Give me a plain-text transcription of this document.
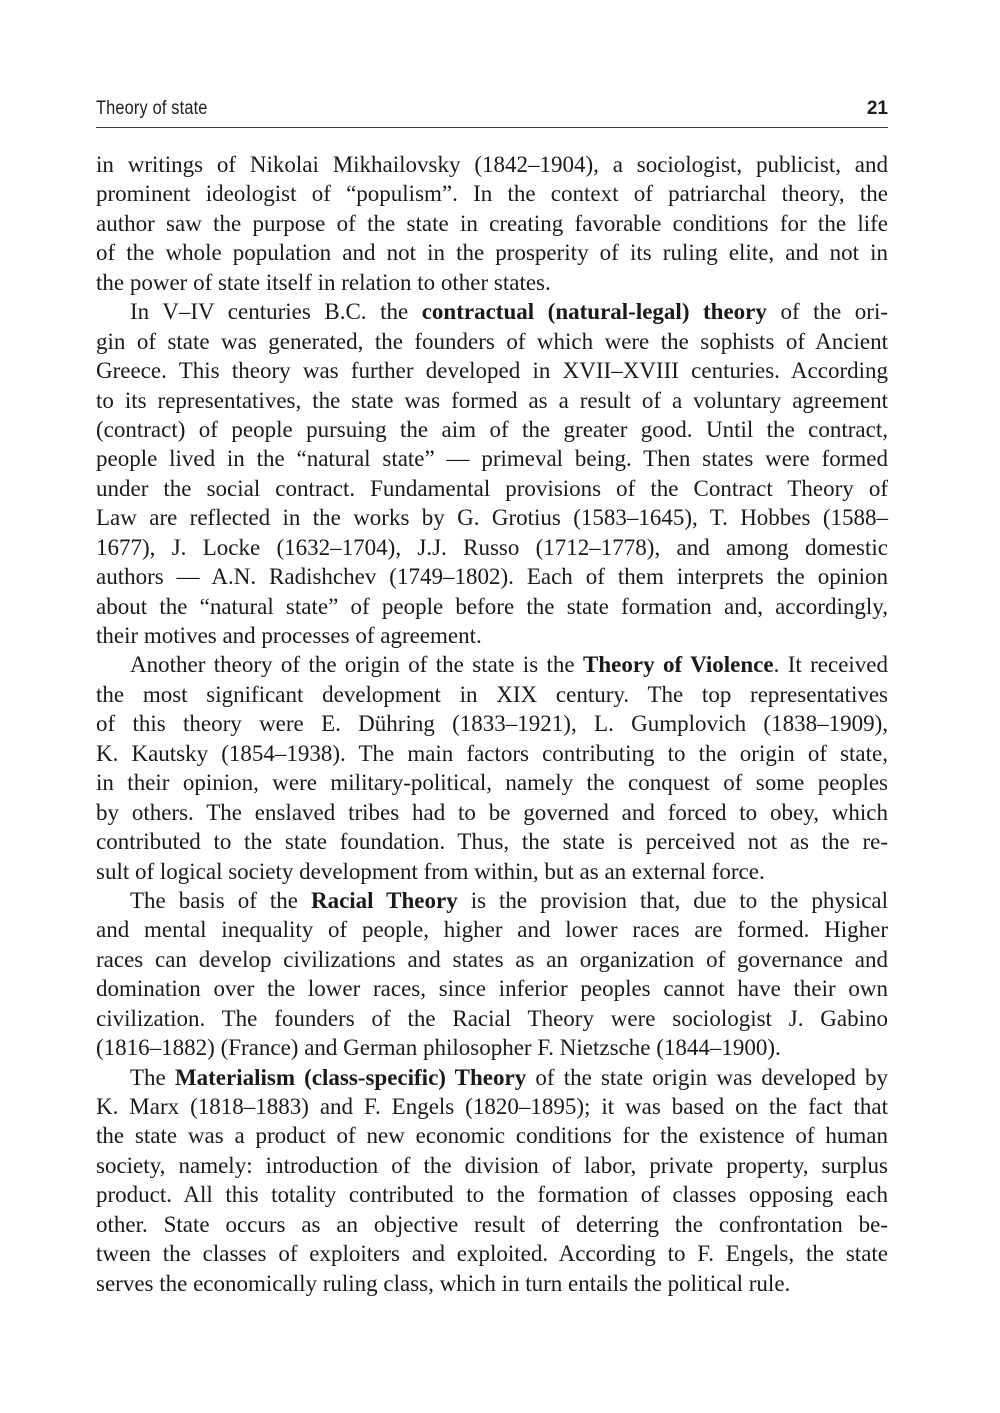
Theory of state	21
in writings of Nikolai Mikhailovsky (1842–1904), a sociologist, publicist, and
prominent ideologist of “populism”. In the context of patriarchal theory, the
author saw the purpose of the state in creating favorable conditions for the life
of the whole population and not in the prosperity of its ruling elite, and not in
the power of state itself in relation to other states.
In V–IV centuries B.C. the contractual (natural-legal) theory of the ori-
gin of state was generated, the founders of which were the sophists of Ancient
Greece. This theory was further developed in XVII–XVIII centuries. According
to its representatives, the state was formed as a result of a voluntary agreement
(contract) of people pursuing the aim of the greater good. Until the contract,
people lived in the “natural state” — primeval being. Then states were formed
under the social contract. Fundamental provisions of the Contract Theory of
Law are reflected in the works by G. Grotius (1583–1645), T. Hobbes (1588–
1677), J. Locke (1632–1704), J.J. Russo (1712–1778), and among domestic
authors — A.N. Radishchev (1749–1802). Each of them interprets the opinion
about the “natural state” of people before the state formation and, accordingly,
their motives and processes of agreement.
Another theory of the origin of the state is the Theory of Violence. It received
the most significant development in XIX century. The top representatives
of this theory were E. Dühring (1833–1921), L. Gumplovich (1838–1909),
K. Kautsky (1854–1938). The main factors contributing to the origin of state,
in their opinion, were military-political, namely the conquest of some peoples
by others. The enslaved tribes had to be governed and forced to obey, which
contributed to the state foundation. Thus, the state is perceived not as the re-
sult of logical society development from within, but as an external force.
The basis of the Racial Theory is the provision that, due to the physical
and mental inequality of people, higher and lower races are formed. Higher
races can develop civilizations and states as an organization of governance and
domination over the lower races, since inferior peoples cannot have their own
civilization. The founders of the Racial Theory were sociologist J. Gabino
(1816–1882) (France) and German philosopher F. Nietzsche (1844–1900).
The Materialism (class-specific) Theory of the state origin was developed by
K. Marx (1818–1883) and F. Engels (1820–1895); it was based on the fact that
the state was a product of new economic conditions for the existence of human
society, namely: introduction of the division of labor, private property, surplus
product. All this totality contributed to the formation of classes opposing each
other. State occurs as an objective result of deterring the confrontation be-
tween the classes of exploiters and exploited. According to F. Engels, the state
serves the economically ruling class, which in turn entails the political rule.
